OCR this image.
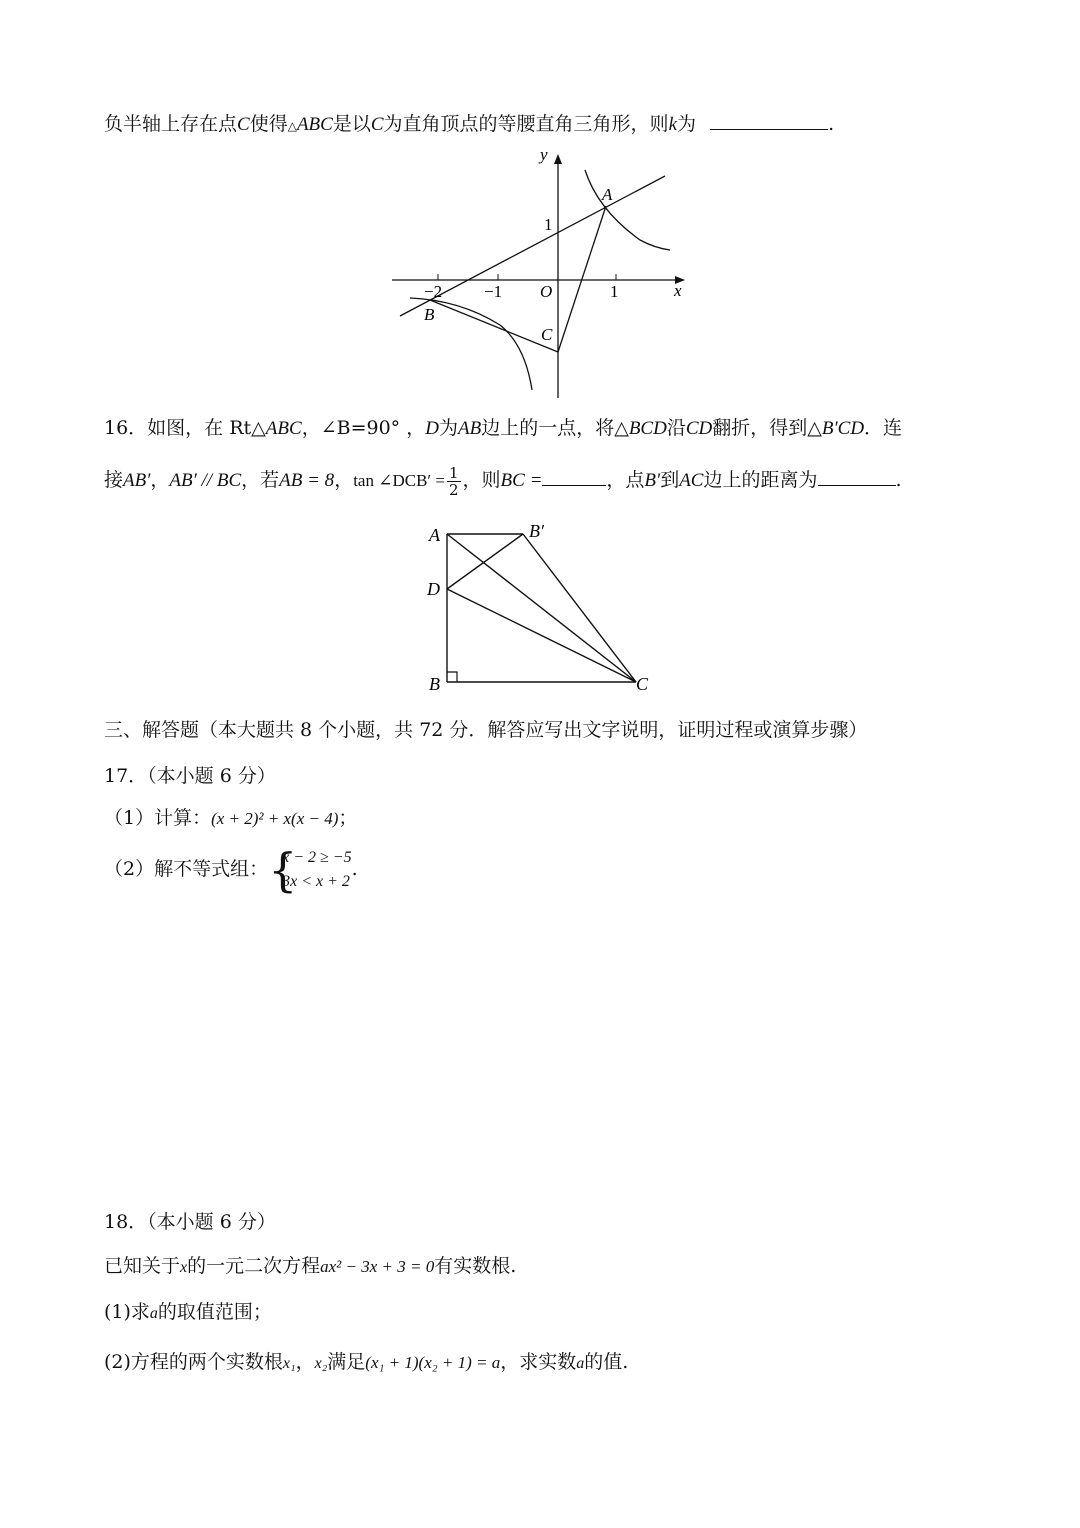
负半轴上存在点C使得△ABC是以C为直角顶点的等腰直角三角形，则k为	.
y
x
O
1
1
−1
−2
A
B
C
16．如图，在 Rt△ABC，∠B=90° ，D为AB边上的一点，将△BCD沿CD翻折，得到△B′CD．连
接AB′，AB′ // BC，若AB = 8，tan ∠DCB′ = $\frac{1}{2}$ ，则BC =	，点B′到AC边上的距离为	.
A	B′
D
B	C
三、解答题（本大题共 8 个小题，共 72 分．解答应写出文字说明，证明过程或演算步骤）
17．（本小题 6 分）
（1）计算：(x + 2)² + x(x − 4)；
（2）解不等式组： {
x − 2 ≥ −5
3x < x + 2
.
18．（本小题 6 分）
已知关于x的一元二次方程ax² − 3x + 3 = 0有实数根.
(1)求a的取值范围；
(2)方程的两个实数根x₁，x₂满足(x₁ + 1)(x₂ + 1) = a，求实数a的值.
